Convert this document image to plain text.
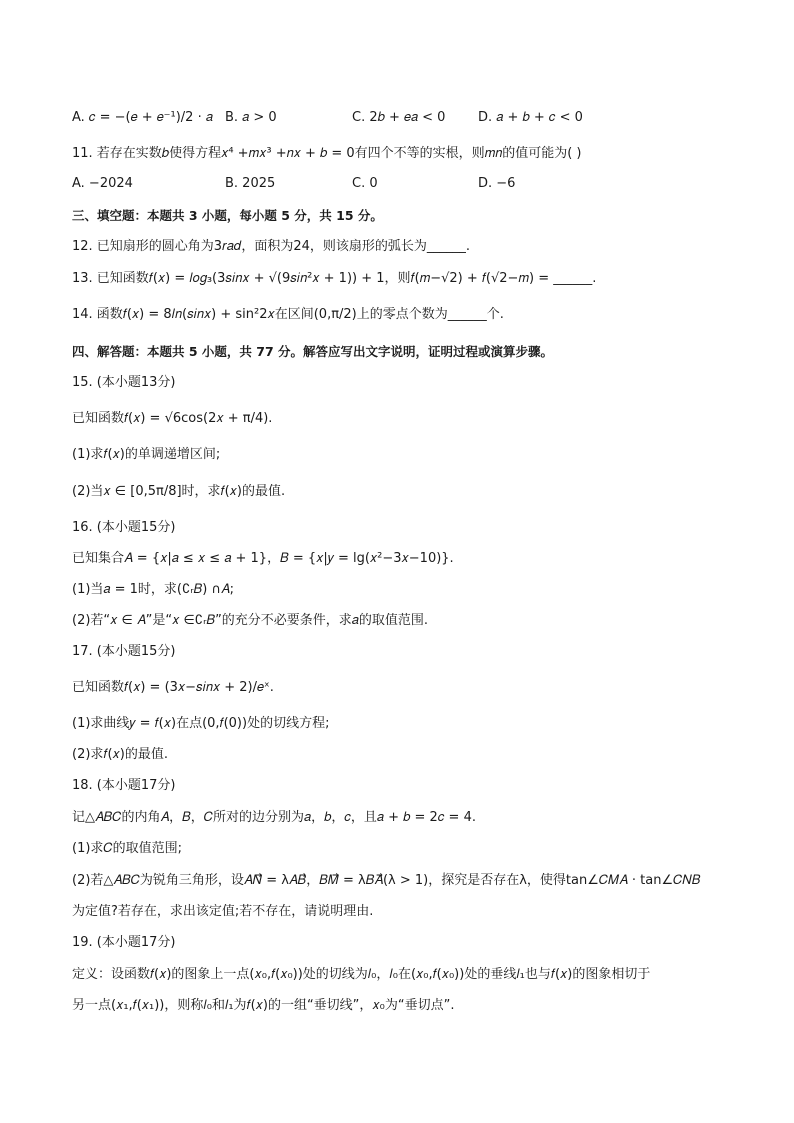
A. 𝑐 = −(𝑒 + 𝑒⁻¹)/2 · 𝑎 B. 𝑎 > 0	C. 2𝑏 + 𝑒𝑎 < 0	D. 𝑎 + 𝑏 + 𝑐 < 0
11. 若存在实数𝑏使得方程𝑥⁴ +𝑚𝑥³ +𝑛𝑥 + 𝑏 = 0有四个不等的实根，则𝑚𝑛的值可能为( )
A. −2024	B. 2025	C. 0	D. −6
三、填空题：本题共 3 小题，每小题 5 分，共 15 分。
12. 已知扇形的圆心角为3𝑟𝑎𝑑，面积为24，则该扇形的弧长为______.
13. 已知函数𝑓(𝑥) = 𝑙𝑜𝑔₃(3𝑠𝑖𝑛𝑥 + √(9𝑠𝑖𝑛²𝑥 + 1)) + 1，则𝑓(𝑚−√2) + 𝑓(√2−𝑚) = ______.
14. 函数𝑓(𝑥) = 8𝑙𝑛(𝑠𝑖𝑛𝑥) + sin²2𝑥在区间(0,π/2)上的零点个数为______个.
四、解答题：本题共 5 小题，共 77 分。解答应写出文字说明，证明过程或演算步骤。
15. (本小题13分)
已知函数𝑓(𝑥) = √6cos(2𝑥 + π/4).
(1)求𝑓(𝑥)的单调递增区间;
(2)当𝑥 ∈ [0,5π/8]时，求𝑓(𝑥)的最值.
16. (本小题15分)
已知集合𝐴 = {𝑥|𝑎 ≤ 𝑥 ≤ 𝑎 + 1}，𝐵 = {𝑥|𝑦 = lg(𝑥²−3𝑥−10)}.
(1)当𝑎 = 1时，求(∁ᵣ𝐵) ∩𝐴;
(2)若“𝑥 ∈ 𝐴”是“𝑥 ∈∁ᵣ𝐵”的充分不必要条件，求𝑎的取值范围.
17. (本小题15分)
已知函数𝑓(𝑥) = (3𝑥−𝑠𝑖𝑛𝑥 + 2)/𝑒ˣ.
(1)求曲线𝑦 = 𝑓(𝑥)在点(0,𝑓(0))处的切线方程;
(2)求𝑓(𝑥)的最值.
18. (本小题17分)
记△𝐴𝐵𝐶的内角𝐴，𝐵，𝐶所对的边分别为𝑎，𝑏，𝑐，且𝑎 + 𝑏 = 2𝑐 = 4.
(1)求𝐶的取值范围;
(2)若△𝐴𝐵𝐶为锐角三角形，设𝐴𝑁⃗ = λ𝐴𝐵⃗，𝐵𝑀⃗ = λ𝐵𝐴⃗(λ > 1)，探究是否存在λ，使得tan∠𝐶𝑀𝐴 · tan∠𝐶𝑁𝐵
为定值?若存在，求出该定值;若不存在，请说明理由.
19. (本小题17分)
定义：设函数𝑓(𝑥)的图象上一点(𝑥₀,𝑓(𝑥₀))处的切线为𝑙₀，𝑙₀在(𝑥₀,𝑓(𝑥₀))处的垂线𝑙₁也与𝑓(𝑥)的图象相切于
另一点(𝑥₁,𝑓(𝑥₁))，则称𝑙₀和𝑙₁为𝑓(𝑥)的一组“垂切线”，𝑥₀为“垂切点”.
